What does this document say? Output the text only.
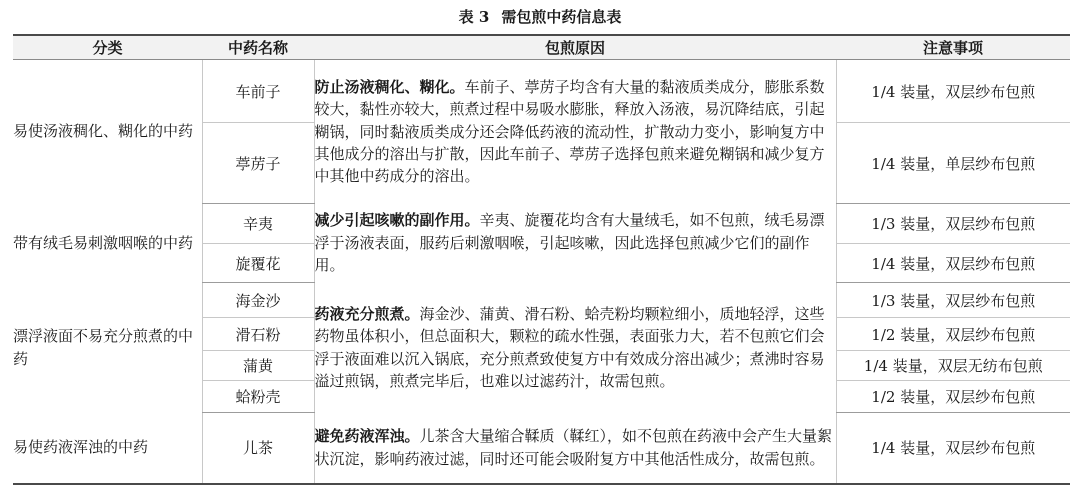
表 3 需包煎中药信息表
分类	中药名称	包煎原因	注意事项
易使汤液稠化、糊化的中药	车前子	防止汤液稠化、糊化。车前子、葶苈子均含有大量的黏液质类成分，膨胀系数较大，黏性亦较大，煎煮过程中易吸水膨胀，释放入汤液，易沉降结底，引起糊锅，同时黏液质类成分还会降低药液的流动性，扩散动力变小，影响复方中其他成分的溶出与扩散，因此车前子、葶苈子选择包煎来避免糊锅和减少复方中其他中药成分的溶出。	1/4 装量，双层纱布包煎
	葶苈子		1/4 装量，单层纱布包煎
带有绒毛易刺激咽喉的中药	辛夷	减少引起咳嗽的副作用。辛夷、旋覆花均含有大量绒毛，如不包煎，绒毛易漂浮于汤液表面，服药后刺激咽喉，引起咳嗽，因此选择包煎减少它们的副作用。	1/3 装量，双层纱布包煎
	旋覆花		1/4 装量，双层纱布包煎
漂浮液面不易充分煎煮的中药	海金沙	药液充分煎煮。海金沙、蒲黄、滑石粉、蛤壳粉均颗粒细小，质地轻浮，这些药物虽体积小，但总面积大，颗粒的疏水性强，表面张力大，若不包煎它们会浮于液面难以沉入锅底，充分煎煮致使复方中有效成分溶出减少；煮沸时容易溢过煎锅，煎煮完毕后，也难以过滤药汁，故需包煎。	1/3 装量，双层纱布包煎
	滑石粉		1/2 装量，双层纱布包煎
	蒲黄		1/4 装量，双层无纺布包煎
	蛤粉壳		1/2 装量，双层纱布包煎
易使药液浑浊的中药	儿茶	避免药液浑浊。儿茶含大量缩合鞣质（鞣红），如不包煎在药液中会产生大量絮状沉淀，影响药液过滤，同时还可能会吸附复方中其他活性成分，故需包煎。	1/4 装量，双层纱布包煎
